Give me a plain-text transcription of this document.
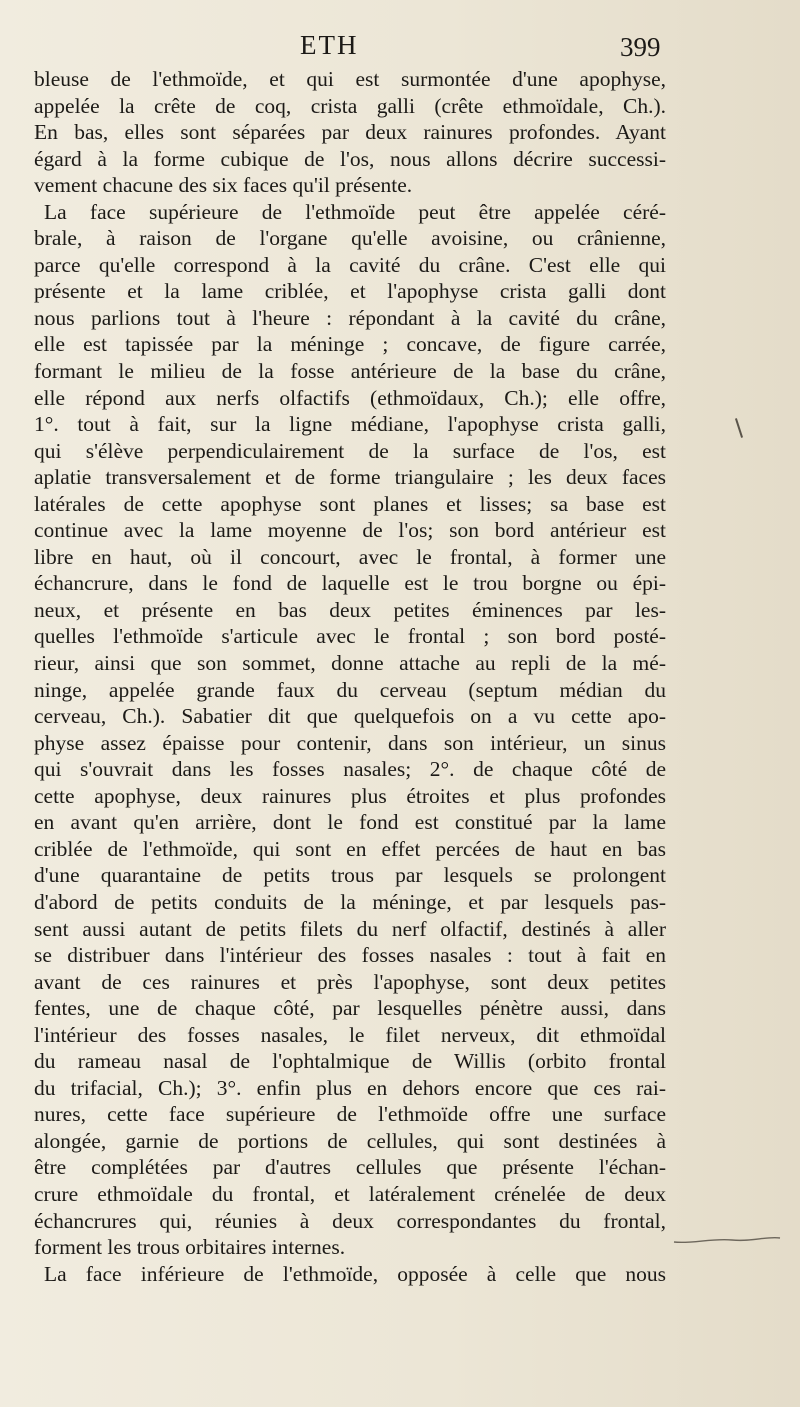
ETH	399
bleuse de l'ethmoïde, et qui est surmontée d'une apophyse,
appelée la crête de coq, crista galli (crête ethmoïdale, Ch.).
En bas, elles sont séparées par deux rainures profondes. Ayant
égard à la forme cubique de l'os, nous allons décrire successi-
vement chacune des six faces qu'il présente.
La face supérieure de l'ethmoïde peut être appelée céré-
brale, à raison de l'organe qu'elle avoisine, ou crânienne,
parce qu'elle correspond à la cavité du crâne. C'est elle qui
présente et la lame criblée, et l'apophyse crista galli dont
nous parlions tout à l'heure : répondant à la cavité du crâne,
elle est tapissée par la méninge ; concave, de figure carrée,
formant le milieu de la fosse antérieure de la base du crâne,
elle répond aux nerfs olfactifs (ethmoïdaux, Ch.); elle offre,
1°. tout à fait, sur la ligne médiane, l'apophyse crista galli,
qui s'élève perpendiculairement de la surface de l'os, est
aplatie transversalement et de forme triangulaire ; les deux faces
latérales de cette apophyse sont planes et lisses; sa base est
continue avec la lame moyenne de l'os; son bord antérieur est
libre en haut, où il concourt, avec le frontal, à former une
échancrure, dans le fond de laquelle est le trou borgne ou épi-
neux, et présente en bas deux petites éminences par les-
quelles l'ethmoïde s'articule avec le frontal ; son bord posté-
rieur, ainsi que son sommet, donne attache au repli de la mé-
ninge, appelée grande faux du cerveau (septum médian du
cerveau, Ch.). Sabatier dit que quelquefois on a vu cette apo-
physe assez épaisse pour contenir, dans son intérieur, un sinus
qui s'ouvrait dans les fosses nasales; 2°. de chaque côté de
cette apophyse, deux rainures plus étroites et plus profondes
en avant qu'en arrière, dont le fond est constitué par la lame
criblée de l'ethmoïde, qui sont en effet percées de haut en bas
d'une quarantaine de petits trous par lesquels se prolongent
d'abord de petits conduits de la méninge, et par lesquels pas-
sent aussi autant de petits filets du nerf olfactif, destinés à aller
se distribuer dans l'intérieur des fosses nasales : tout à fait en
avant de ces rainures et près l'apophyse, sont deux petites
fentes, une de chaque côté, par lesquelles pénètre aussi, dans
l'intérieur des fosses nasales, le filet nerveux, dit ethmoïdal
du rameau nasal de l'ophtalmique de Willis (orbito frontal
du trifacial, Ch.); 3°. enfin plus en dehors encore que ces rai-
nures, cette face supérieure de l'ethmoïde offre une surface
alongée, garnie de portions de cellules, qui sont destinées à
être complétées par d'autres cellules que présente l'échan-
crure ethmoïdale du frontal, et latéralement crénelée de deux
échancrures qui, réunies à deux correspondantes du frontal,
forment les trous orbitaires internes.
La face inférieure de l'ethmoïde, opposée à celle que nous
